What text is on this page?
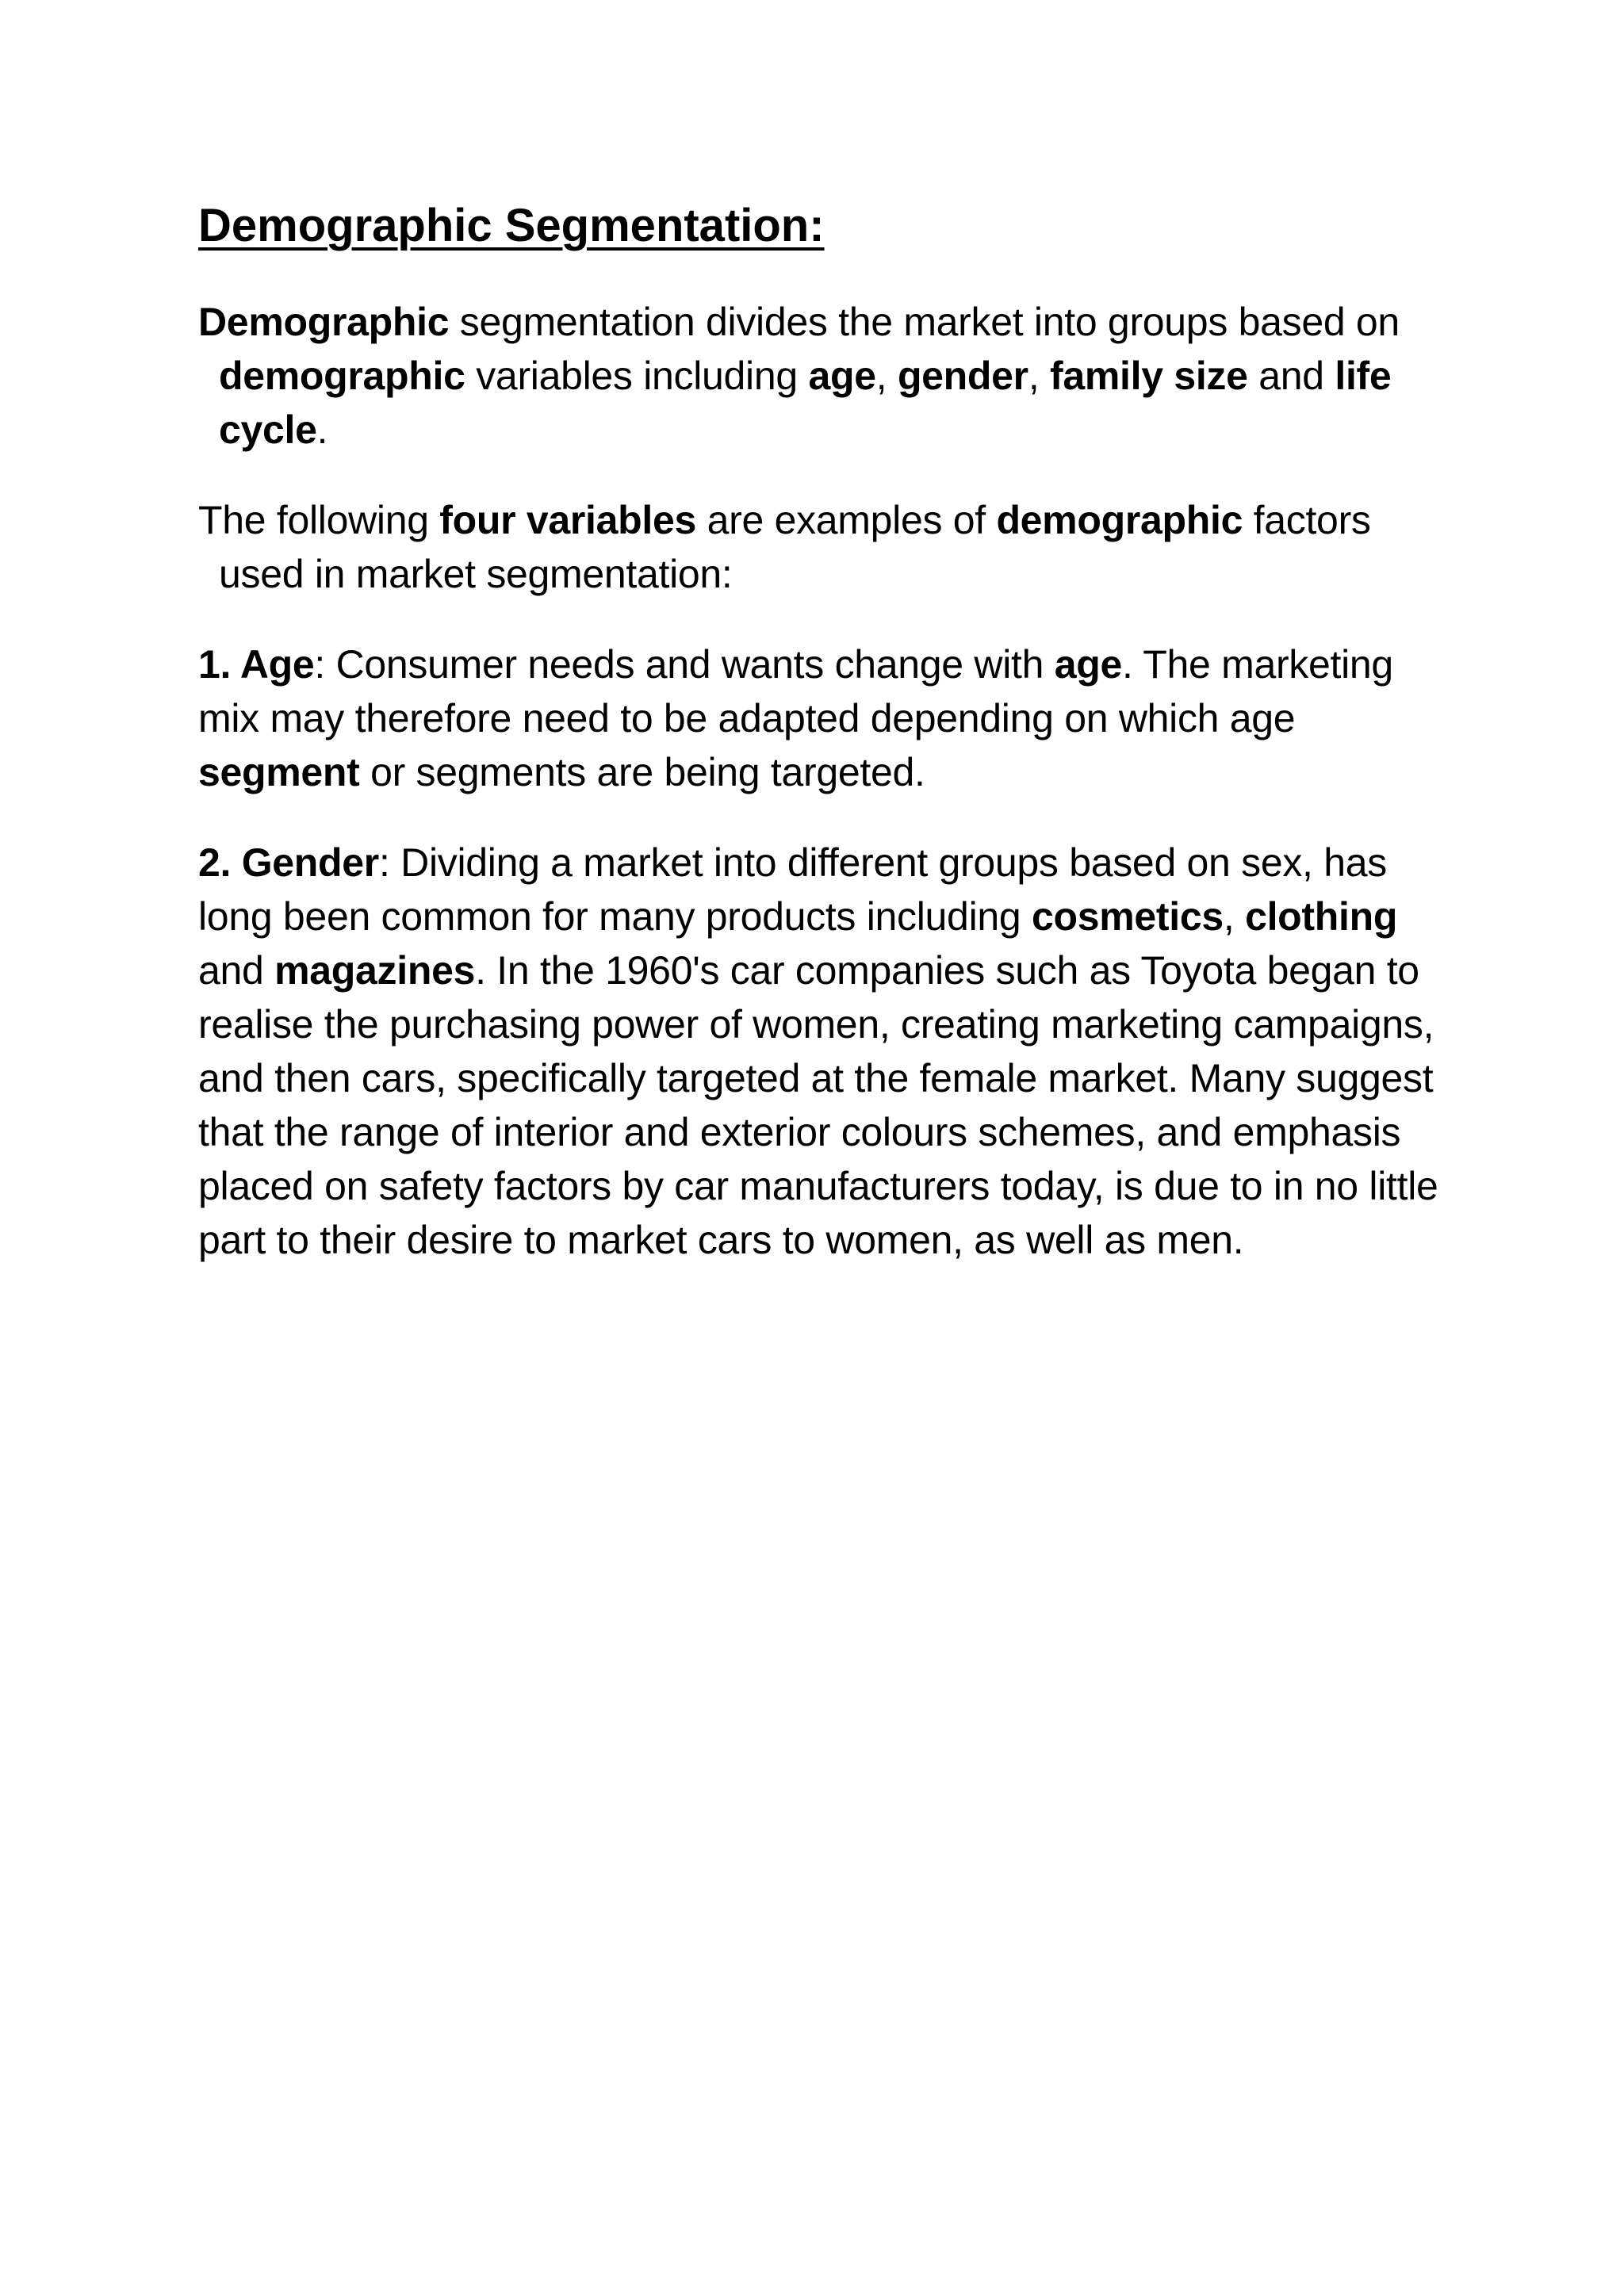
Demographic Segmentation:

Demographic segmentation divides the market into groups based on demographic variables including age, gender, family size and life cycle.

The following four variables are examples of demographic factors used in market segmentation:

1. Age: Consumer needs and wants change with age. The marketing mix may therefore need to be adapted depending on which age segment or segments are being targeted.

2. Gender: Dividing a market into different groups based on sex, has long been common for many products including cosmetics, clothing and magazines. In the 1960's car companies such as Toyota began to realise the purchasing power of women, creating marketing campaigns, and then cars, specifically targeted at the female market. Many suggest that the range of interior and exterior colours schemes, and emphasis placed on safety factors by car manufacturers today, is due to in no little part to their desire to market cars to women, as well as men.
